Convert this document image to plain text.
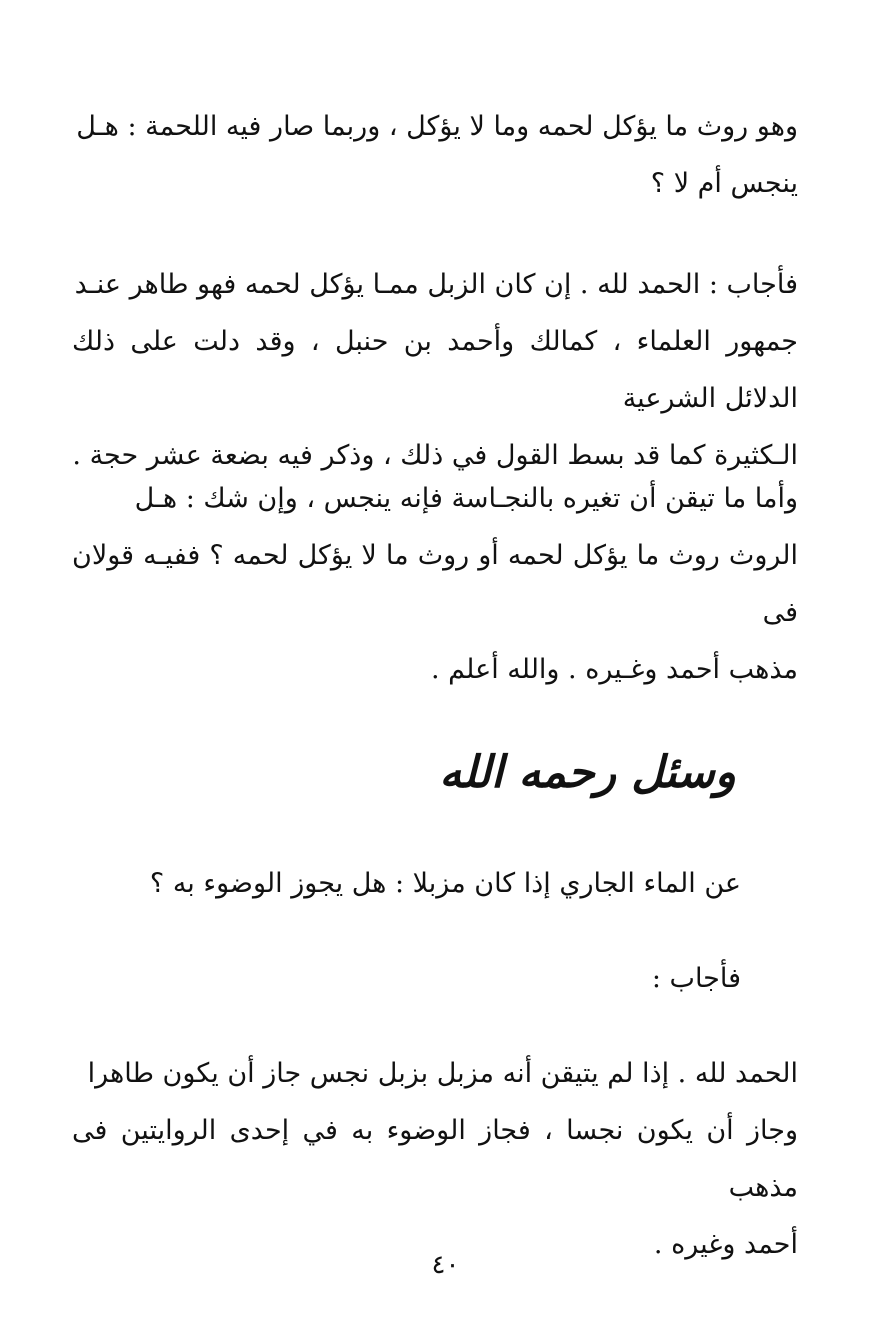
وهو روث ما يؤكل لحمه وما لا يؤكل ، وربما صار فيه اللحمة : هـل
ينجس أم لا ؟

فأجاب : الحمد لله . إن كان الزبل ممـا يؤكل لحمه فهو طاهر عنـد
جمهور العلماء ، كمالك وأحمد بن حنبل ، وقد دلت على ذلك الدلائل الشرعية
الـكثيرة كما قد بسط القول في ذلك ، وذكر فيه بضعة عشر حجة .

وأما ما تيقن أن تغيره بالنجـاسة فإنه ينجس ، وإن شك : هـل
الروث روث ما يؤكل لحمه أو روث ما لا يؤكل لحمه ؟ ففيـه قولان فى
مذهب أحمد وغـيره . والله أعلم .

وسئل رحمه الله

عن الماء الجاري إذا كان مزبلا : هل يجوز الوضوء به ؟

فأجاب :

الحمد لله . إذا لم يتيقن أنه مزبل بزبل نجس جاز أن يكون طاهرا
وجاز أن يكون نجسا ، فجاز الوضوء به في إحدى الروايتين فى مذهب
أحمد وغيره .

٤٠
